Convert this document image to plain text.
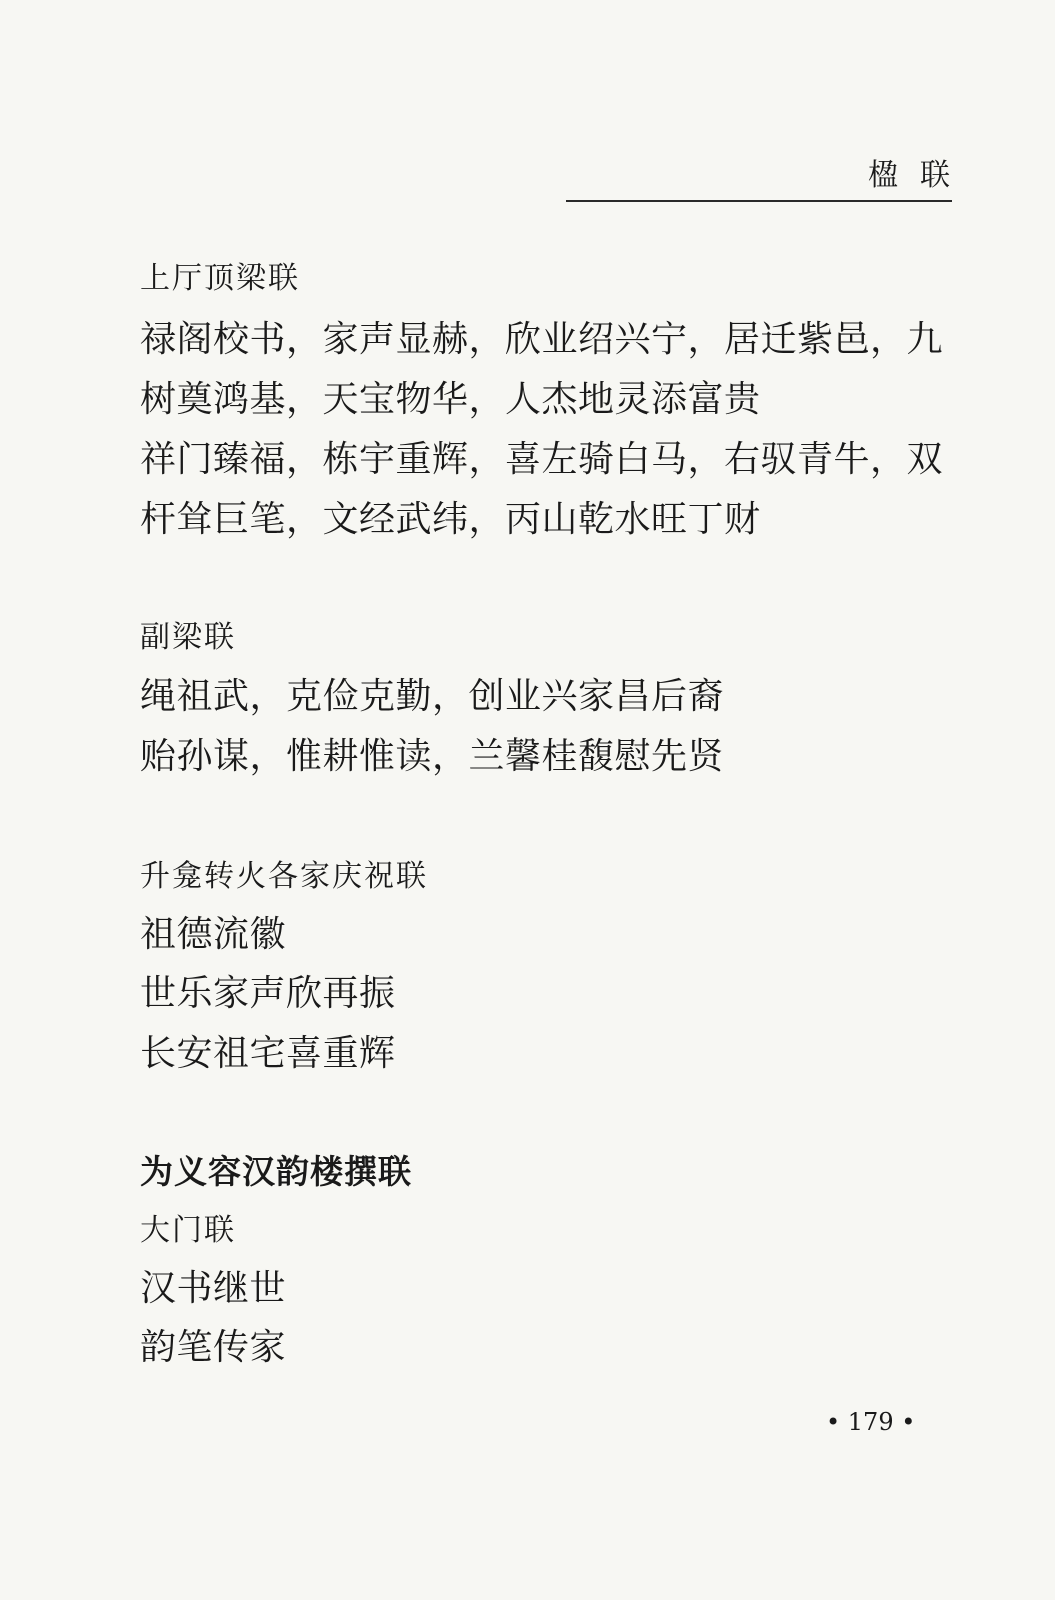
楹联
上厅顶梁联
禄阁校书，家声显赫，欣业绍兴宁，居迁紫邑，九
树奠鸿基，天宝物华，人杰地灵添富贵
祥门臻福，栋宇重辉，喜左骑白马，右驭青牛，双
杆耸巨笔，文经武纬，丙山乾水旺丁财
副梁联
绳祖武，克俭克勤，创业兴家昌后裔
贻孙谋，惟耕惟读，兰馨桂馥慰先贤
升龛转火各家庆祝联
祖德流徽
世乐家声欣再振
长安祖宅喜重辉
为义容汉韵楼撰联
大门联
汉书继世
韵笔传家
• 179 •
